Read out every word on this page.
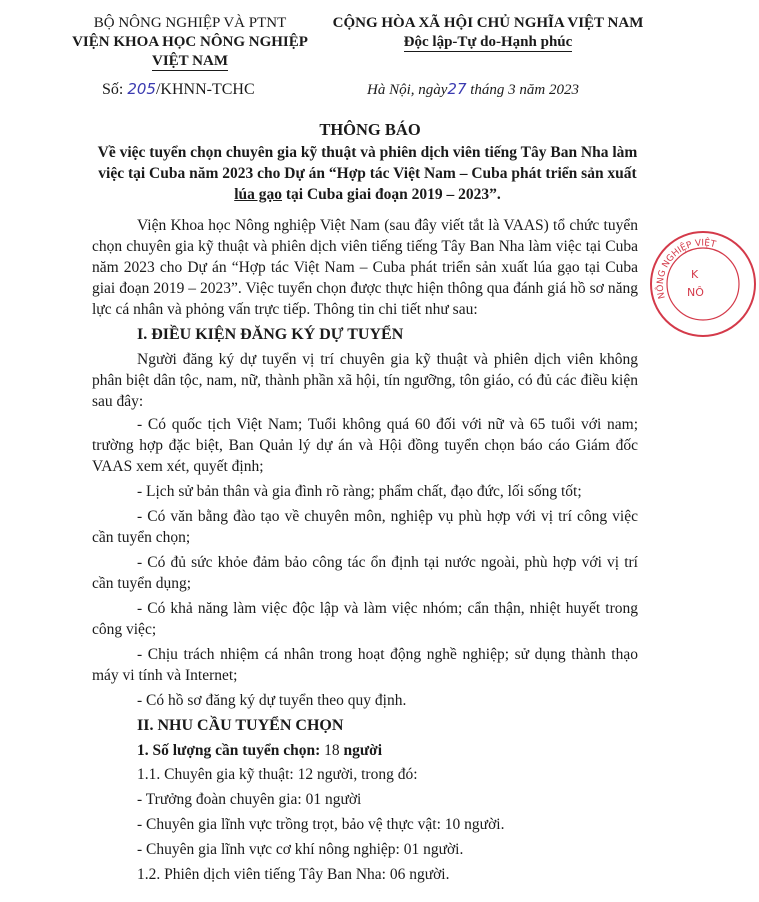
BỘ NÔNG NGHIỆP VÀ PTNT
VIỆN KHOA HỌC NÔNG NGHIỆP
VIỆT NAM
CỘNG HÒA XÃ HỘI CHỦ NGHĨA VIỆT NAM
Độc lập-Tự do-Hạnh phúc
Số: 205/KHNN-TCHC	Hà Nội, ngày27 tháng 3 năm 2023
THÔNG BÁO
Về việc tuyển chọn chuyên gia kỹ thuật và phiên dịch viên tiếng Tây Ban Nha làm việc tại Cuba năm 2023 cho Dự án “Hợp tác Việt Nam – Cuba phát triển sản xuất lúa gạo tại Cuba giai đoạn 2019 – 2023”.

Viện Khoa học Nông nghiệp Việt Nam (sau đây viết tắt là VAAS) tổ chức tuyển chọn chuyên gia kỹ thuật và phiên dịch viên tiếng tiếng Tây Ban Nha làm việc tại Cuba năm 2023 cho Dự án “Hợp tác Việt Nam – Cuba phát triển sản xuất lúa gạo tại Cuba giai đoạn 2019 – 2023”. Việc tuyển chọn được thực hiện thông qua đánh giá hồ sơ năng lực cá nhân và phỏng vấn trực tiếp. Thông tin chi tiết như sau:

I. ĐIỀU KIỆN ĐĂNG KÝ DỰ TUYỂN

Người đăng ký dự tuyển vị trí chuyên gia kỹ thuật và phiên dịch viên không phân biệt dân tộc, nam, nữ, thành phần xã hội, tín ngưỡng, tôn giáo, có đủ các điều kiện sau đây:

- Có quốc tịch Việt Nam; Tuổi không quá 60 đối với nữ và 65 tuổi với nam; trường hợp đặc biệt, Ban Quản lý dự án và Hội đồng tuyển chọn báo cáo Giám đốc VAAS xem xét, quyết định;

- Lịch sử bản thân và gia đình rõ ràng; phẩm chất, đạo đức, lối sống tốt;

- Có văn bằng đào tạo về chuyên môn, nghiệp vụ phù hợp với vị trí công việc cần tuyển chọn;

- Có đủ sức khỏe đảm bảo công tác ổn định tại nước ngoài, phù hợp với vị trí cần tuyển dụng;

- Có khả năng làm việc độc lập và làm việc nhóm; cẩn thận, nhiệt huyết trong công việc;

- Chịu trách nhiệm cá nhân trong hoạt động nghề nghiệp; sử dụng thành thạo máy vi tính và Internet;

- Có hồ sơ đăng ký dự tuyển theo quy định.

II. NHU CẦU TUYỂN CHỌN
1. Số lượng cần tuyển chọn: 18 người

1.1. Chuyên gia kỹ thuật: 12 người, trong đó:

- Trưởng đoàn chuyên gia: 01 người

- Chuyên gia lĩnh vực trồng trọt, bảo vệ thực vật: 10 người.

- Chuyên gia lĩnh vực cơ khí nông nghiệp: 01 người.

1.2. Phiên dịch viên tiếng Tây Ban Nha: 06 người.

NÔNG NGHIỆP VIỆT
K
NÔ
